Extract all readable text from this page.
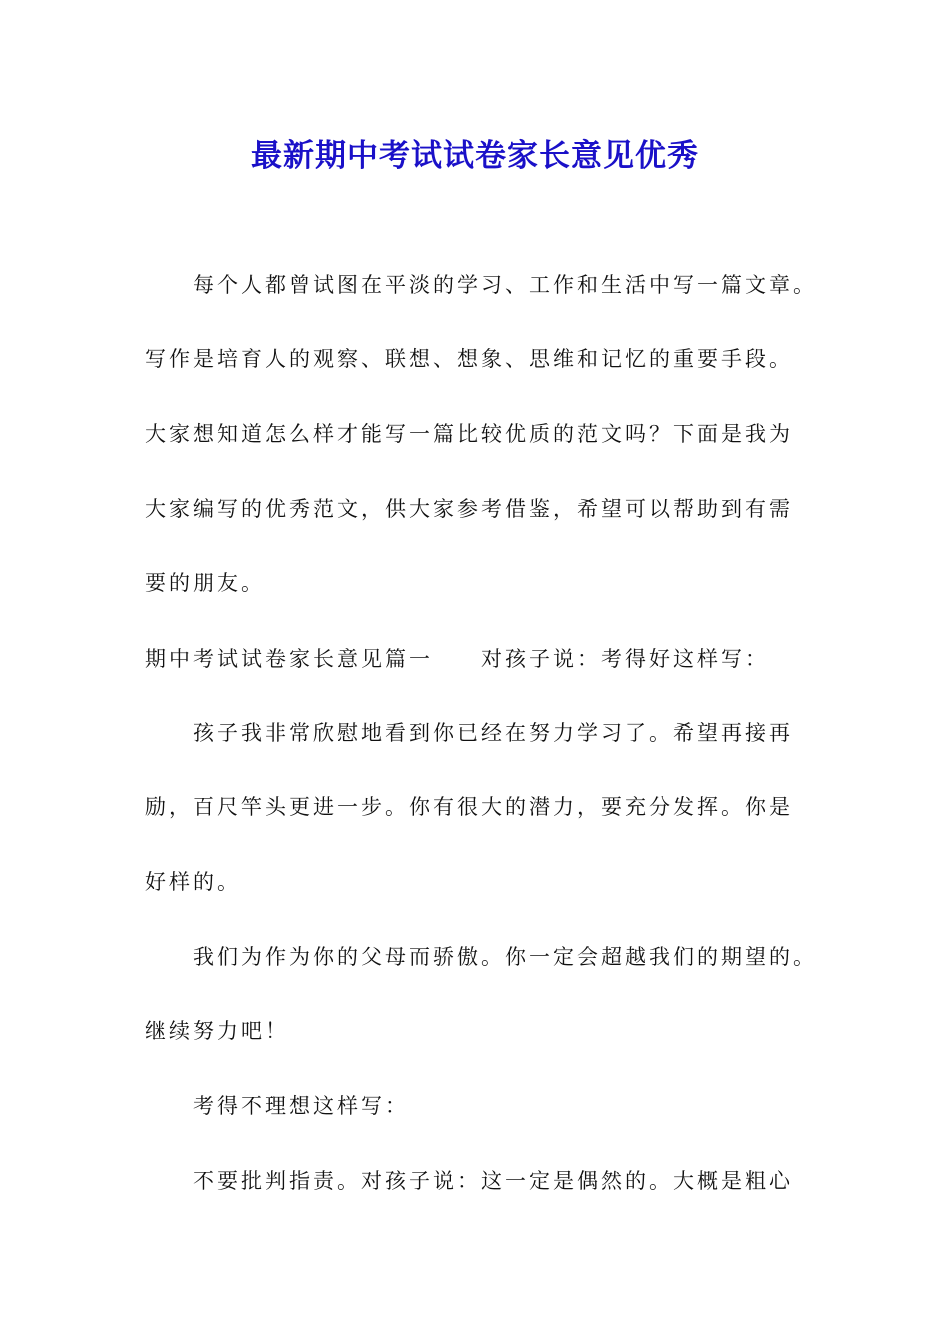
最新期中考试试卷家长意见优秀
每个人都曾试图在平淡的学习、工作和生活中写一篇文章。
写作是培育人的观察、联想、想象、思维和记忆的重要手段。
大家想知道怎么样才能写一篇比较优质的范文吗？下面是我为
大家编写的优秀范文，供大家参考借鉴，希望可以帮助到有需
要的朋友。
期中考试试卷家长意见篇一　　对孩子说：考得好这样写：
孩子我非常欣慰地看到你已经在努力学习了。希望再接再
励，百尺竿头更进一步。你有很大的潜力，要充分发挥。你是
好样的。
我们为作为你的父母而骄傲。你一定会超越我们的期望的。
继续努力吧！
考得不理想这样写：
不要批判指责。对孩子说：这一定是偶然的。大概是粗心
